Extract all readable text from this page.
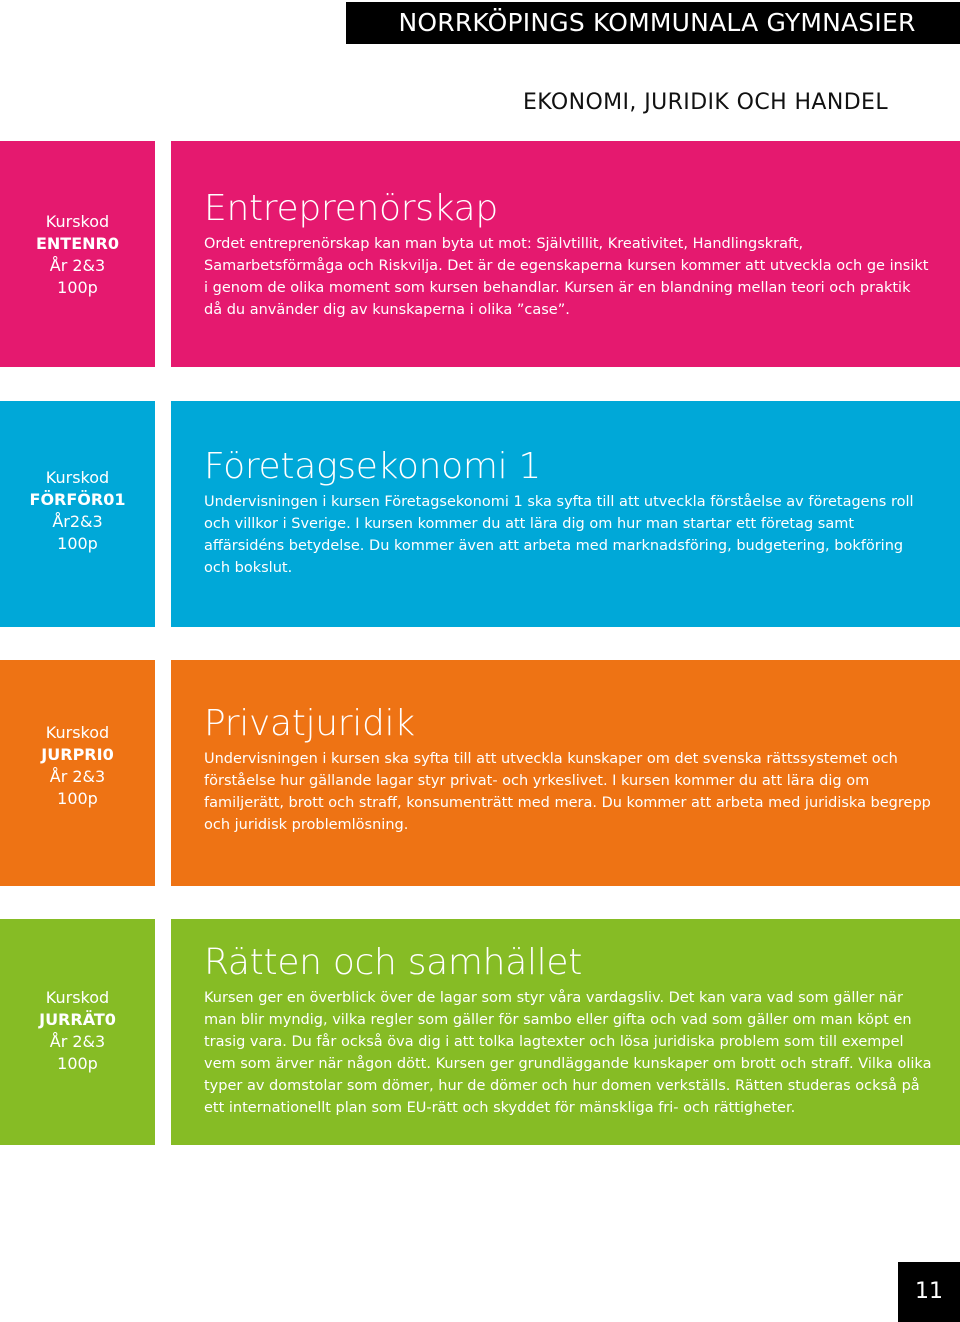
NORRKÖPINGS KOMMUNALA GYMNASIER
EKONOMI, JURIDIK OCH HANDEL
Kurskod
ENTENR0
År 2&3
100p
Entreprenörskap

Ordet entreprenörskap kan man byta ut mot: Självtillit, Kreativitet, Handlingskraft, Samarbetsförmåga och Riskvilja. Det är de egenskaperna kursen kommer att utveckla och ge insikt i genom de olika moment som kursen behandlar. Kursen är en blandning mellan teori och praktik då du använder dig av kunskaperna i olika ”case”.

Kurskod
FÖRFÖR01
År2&3
100p
Företagsekonomi 1

Undervisningen i kursen Företagsekonomi 1 ska syfta till att utveckla förståelse av företagens roll och villkor i Sverige. I kursen kommer du att lära dig om hur man startar ett företag samt affärsidéns betydelse. Du kommer även att arbeta med marknadsföring, budgetering, bokföring och bokslut.

Kurskod
JURPRI0
År 2&3
100p
Privatjuridik

Undervisningen i kursen ska syfta till att utveckla kunskaper om det svenska rättssystemet och förståelse hur gällande lagar styr privat- och yrkeslivet. I kursen kommer du att lära dig om familjerätt, brott och straff, konsumenträtt med mera. Du kommer att arbeta med juridiska begrepp och juridisk problemlösning.

Kurskod
JURRÄT0
År 2&3
100p
Rätten och samhället

Kursen ger en överblick över de lagar som styr våra vardagsliv. Det kan vara vad som gäller när man blir myndig, vilka regler som gäller för sambo eller gifta och vad som gäller om man köpt en trasig vara. Du får också öva dig i att tolka lagtexter och lösa juridiska problem som till exempel vem som ärver när någon dött. Kursen ger grundläggande kunskaper om brott och straff. Vilka olika typer av domstolar som dömer, hur de dömer och hur domen verkställs. Rätten studeras också på ett internationellt plan som EU-rätt och skyddet för mänskliga fri- och rättigheter.

11
